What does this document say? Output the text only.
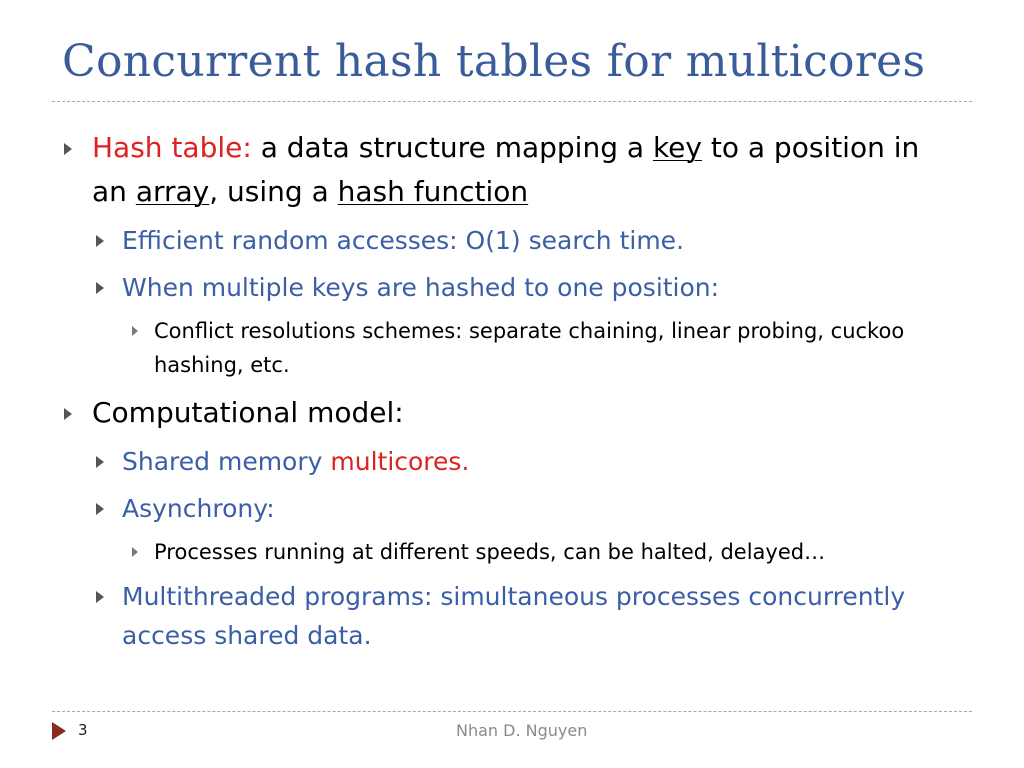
Concurrent hash tables for multicores
Hash table: a data structure mapping a key to a position in
an array, using a hash function
Efficient random accesses: O(1) search time.
When multiple keys are hashed to one position:
Conflict resolutions schemes: separate chaining, linear probing, cuckoo
hashing, etc.
Computational model:
Shared memory multicores.
Asynchrony:
Processes running at different speeds, can be halted, delayed…
Multithreaded programs: simultaneous processes concurrently
access shared data.
3	Nhan D. Nguyen
